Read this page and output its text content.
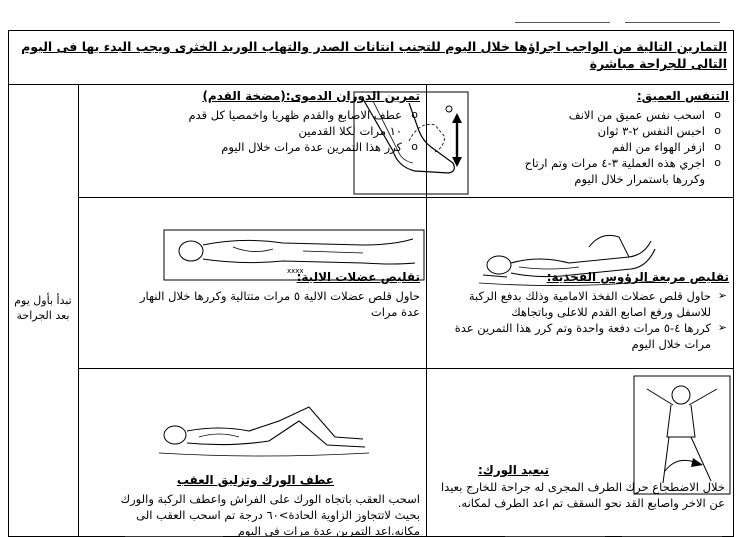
التمارين التالية من الواجب اجراؤها خلال اليوم للتجنب انتانات الصدر والتهاب الوريد الخثرى ويجب البدء بها فى اليوم التالى للجراحة مباشرة
تبدأ بأول يوم بعد الجراحة
التنفس العميق:
o اسحب نفس عميق من الانف
o احبس النفس ٢-٣ ثوان
o ازفر الهواء من الفم
o اجري هذه العملية ٣-٤ مرات وتم ارتاح وكررها باستمرار خلال اليوم
تمرين الدوران الدموى:(مضخة القدم)
o عطف الاصابع والقدم ظهريا واخمصيا كل قدم ١٠ مرات لكلا القدمين
o كرر هذا التمرين عدة مرات خلال اليوم
تقليص مربعة الرؤوس الفخذية:
➢ حاول قلص عضلات الفخذ الامامية وذلك بدفع الركبة للاسفل ورفع اصابع القدم للاعلى وباتجاهك
➢ كررها ٤-٥ مرات دفعة واحدة وتم كرر هذا التمرين عدة مرات خلال اليوم
تقليص عضلات الالية:
حاول قلص عضلات الالية ٥ مرات متتالية وكررها خلال النهار عدة مرات
xxxx
تبعيد الورك:
خلال الاضطجاع حرك الطرف المجرى له جراحة للخارج بعيدا عن الاخر واصابع القد نحو السقف تم اعد الطرف لمكانه.
عطف الورك وتزليق العقب
اسحب العقب باتجاه الورك على الفراش واعطف الركبة والورك بحيث لاتتجاوز الزاوية الحادة>٦٠ درجة تم اسحب العقب الى مكانه.اعد التمرين عدة مرات في اليوم
